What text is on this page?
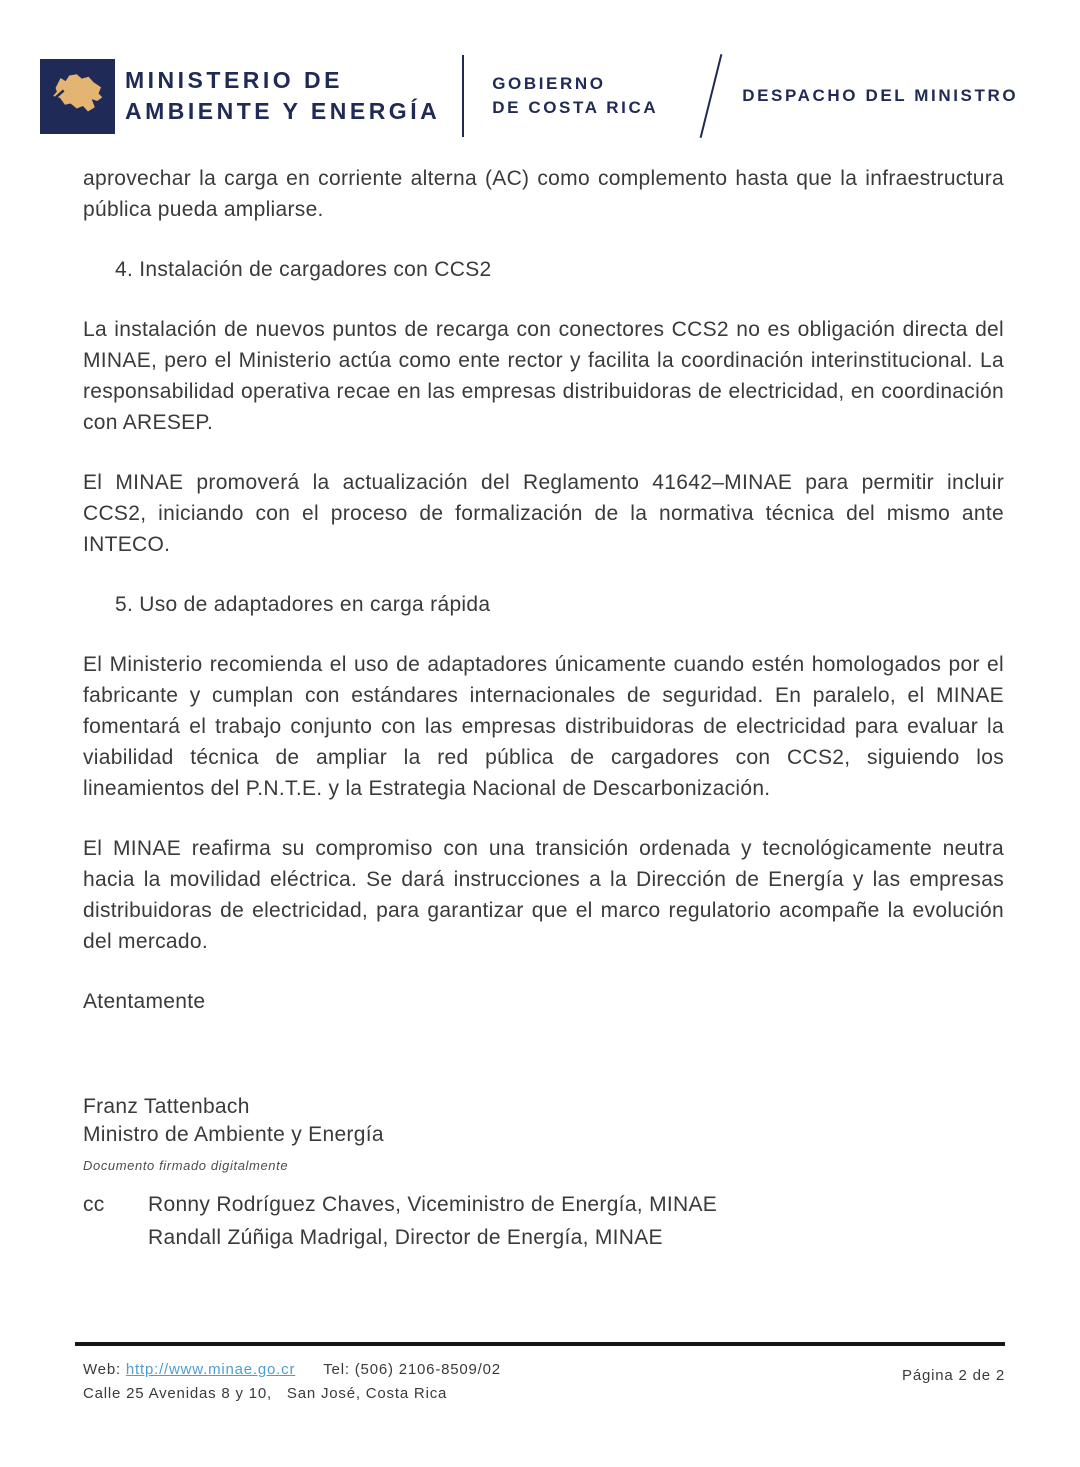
MINISTERIO DE
AMBIENTE Y ENERGÍA
GOBIERNO
DE COSTA RICA
DESPACHO DEL MINISTRO

aprovechar la carga en corriente alterna (AC) como complemento hasta que la infraestructura pública pueda ampliarse.

4. Instalación de cargadores con CCS2

La instalación de nuevos puntos de recarga con conectores CCS2 no es obligación directa del MINAE, pero el Ministerio actúa como ente rector y facilita la coordinación interinstitucional. La responsabilidad operativa recae en las empresas distribuidoras de electricidad, en coordinación con ARESEP.

El MINAE promoverá la actualización del Reglamento 41642–MINAE para permitir incluir CCS2, iniciando con el proceso de formalización de la normativa técnica del mismo ante INTECO.

5. Uso de adaptadores en carga rápida

El Ministerio recomienda el uso de adaptadores únicamente cuando estén homologados por el fabricante y cumplan con estándares internacionales de seguridad. En paralelo, el MINAE fomentará el trabajo conjunto con las empresas distribuidoras de electricidad para evaluar la viabilidad técnica de ampliar la red pública de cargadores con CCS2, siguiendo los lineamientos del P.N.T.E. y la Estrategia Nacional de Descarbonización.

El MINAE reafirma su compromiso con una transición ordenada y tecnológicamente neutra hacia la movilidad eléctrica. Se dará instrucciones a la Dirección de Energía y las empresas distribuidoras de electricidad, para garantizar que el marco regulatorio acompañe la evolución del mercado.

Atentamente

Franz Tattenbach
Ministro de Ambiente y Energía
Documento firmado digitalmente
cc	Ronny Rodríguez Chaves, Viceministro de Energía, MINAE
Randall Zúñiga Madrigal, Director de Energía, MINAE
Web: http://www.minae.go.cr Tel: (506) 2106-8509/02
Calle 25 Avenidas 8 y 10,   San José, Costa Rica
Página 2 de 2
